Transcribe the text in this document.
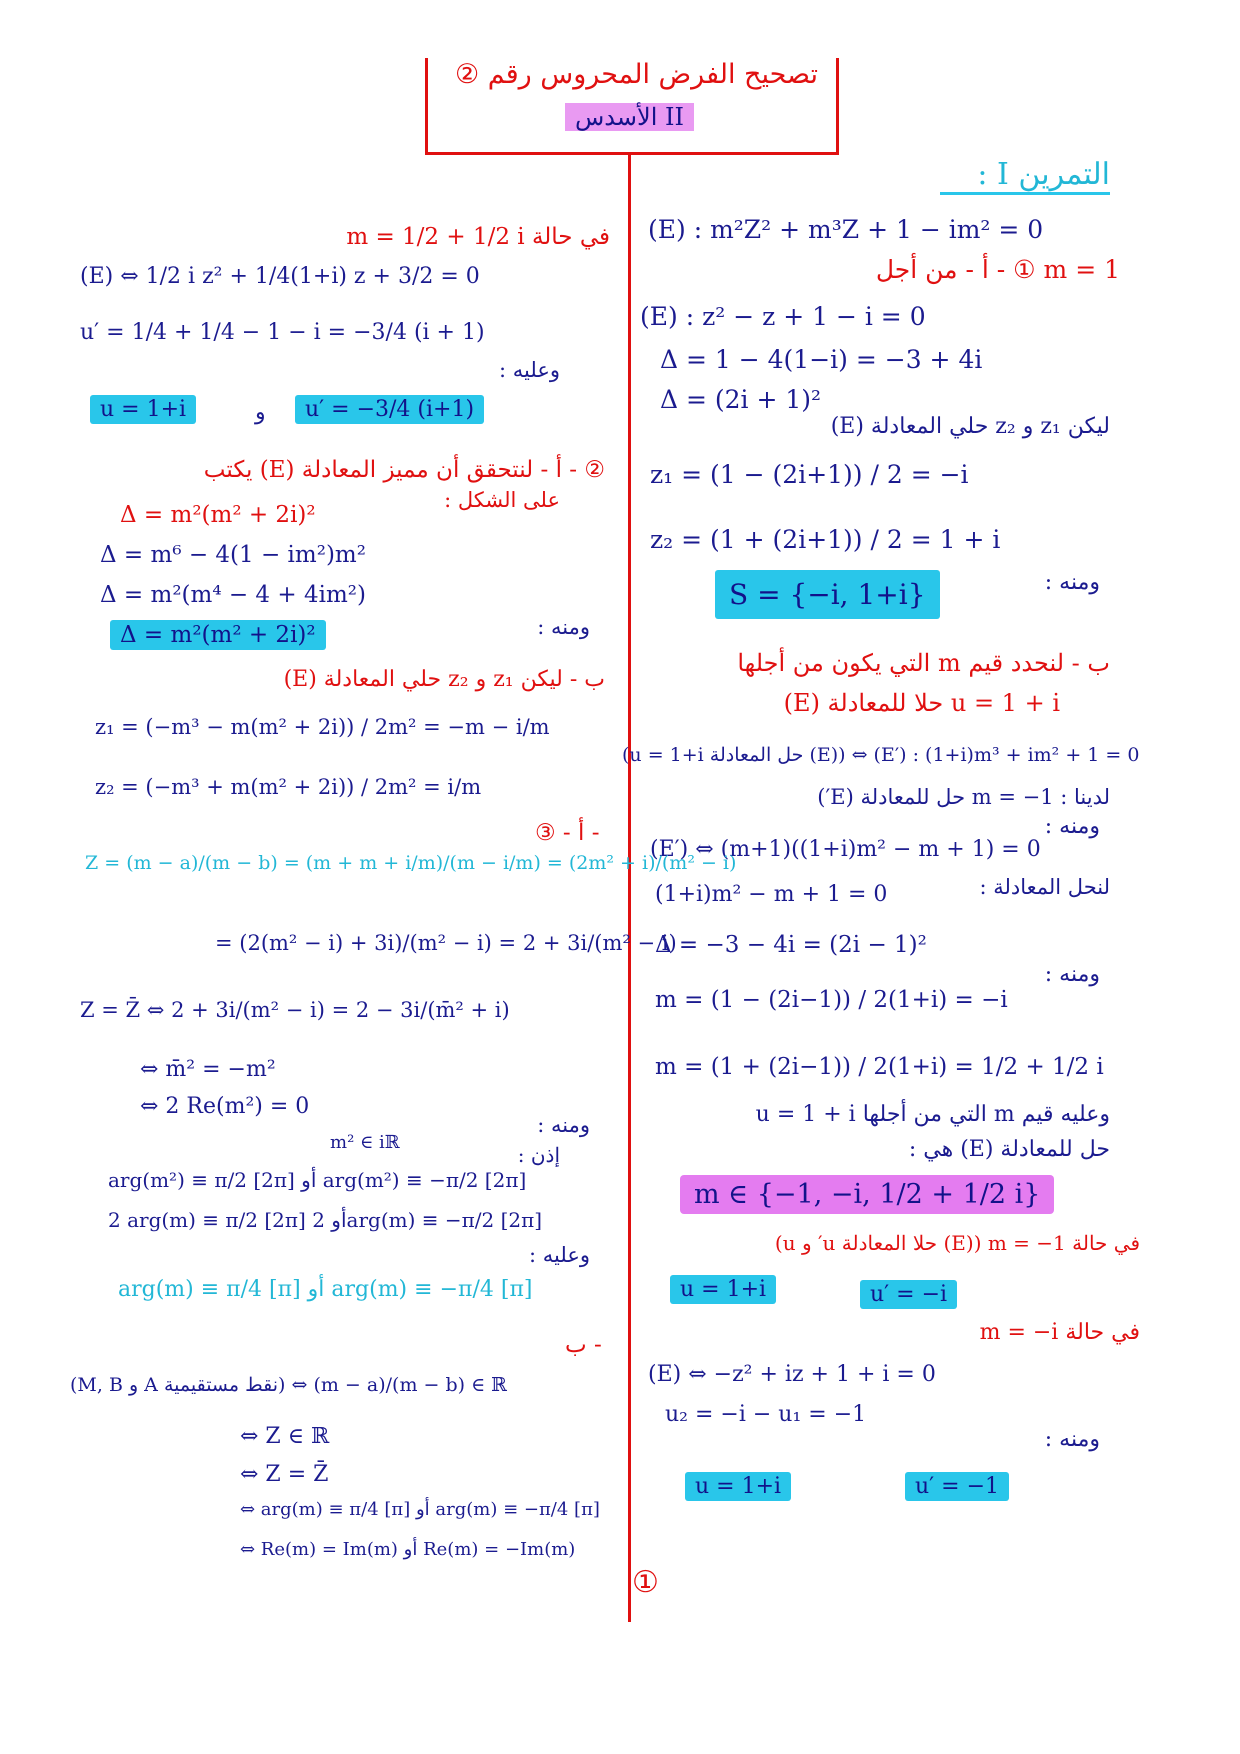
تصحيح الفرض المحروس رقم ②
الأسدس II
التمرين I :
(E) : m²Z² + m³Z + 1 − im² = 0
m = 1 ① - أ - من أجل
(E) : z² − z + 1 − i = 0
Δ = 1 − 4(1−i) = −3 + 4i
Δ = (2i + 1)²
ليكن z₁ و z₂ حلي المعادلة (E)
z₁ = (1 − (2i+1)) / 2 = −i
z₂ = (1 + (2i+1)) / 2 = 1 + i
ومنه :
S = {−i, 1+i}
ب - لنحدد قيم m التي يكون من أجلها
u = 1 + i حلا للمعادلة (E)
(u = 1+i حل المعادلة (E)) ⇔ (E′) : (1+i)m³ + im² + 1 = 0
لدينا : m = −1 حل للمعادلة (E′)
ومنه :
(E′) ⇔ (m+1)((1+i)m² − m + 1) = 0
لنحل المعادلة :
(1+i)m² − m + 1 = 0
Δ = −3 − 4i = (2i − 1)²
ومنه :
m = (1 − (2i−1)) / 2(1+i) = −i
m = (1 + (2i−1)) / 2(1+i) = 1/2 + 1/2 i
وعليه قيم m التي من أجلها u = 1 + i
حل للمعادلة (E) هي :
m ∈ {−1, −i, 1/2 + 1/2 i}
في حالة m = −1 ((E) حلا المعادلة u′ و u)
u = 1+i	u′ = −i
في حالة m = −i
(E) ⇔ −z² + iz + 1 + i = 0
u₂ = −i − u₁ = −1
ومنه :
u = 1+i	u′ = −1
في حالة m = 1/2 + 1/2 i
(E) ⇔ 1/2 i z² + 1/4(1+i) z + 3/2 = 0
u′ = 1/4 + 1/4 − 1 − i = −3/4 (i + 1)
وعليه :
u = 1+i	و	u′ = −3/4 (i+1)
② - أ - لنتحقق أن مميز المعادلة (E) يكتب
على الشكل :
Δ = m²(m² + 2i)²
Δ = m⁶ − 4(1 − im²)m²
Δ = m²(m⁴ − 4 + 4im²)
ومنه :
Δ = m²(m² + 2i)²
ب - ليكن z₁ و z₂ حلي المعادلة (E)
z₁ = (−m³ − m(m² + 2i)) / 2m² = −m − i/m
z₂ = (−m³ + m(m² + 2i)) / 2m² = i/m
③ - أ -
Z = (m − a)/(m − b) = (m + m + i/m)/(m − i/m) = (2m² + i)/(m² − i)
= (2(m² − i) + 3i)/(m² − i) = 2 + 3i/(m² − i)
Z = Z̄ ⇔ 2 + 3i/(m² − i) = 2 − 3i/(m̄² + i)
⇔ m̄² = −m²
⇔ 2 Re(m²) = 0
ومنه :
m² ∈ iℝ
إذن :
arg(m²) ≡ π/2 [2π] أو arg(m²) ≡ −π/2 [2π]
2 arg(m) ≡ π/2 [2π] أو 2arg(m) ≡ −π/2 [2π]
وعليه :
arg(m) ≡ π/4 [π] أو arg(m) ≡ −π/4 [π]
ب -
(M, B و A نقط مستقيمية) ⇔ (m − a)/(m − b) ∈ ℝ
⇔ Z ∈ ℝ
⇔ Z = Z̄
⇔ arg(m) ≡ π/4 [π] أو arg(m) ≡ −π/4 [π]
⇔ Re(m) = Im(m) أو Re(m) = −Im(m)
①
